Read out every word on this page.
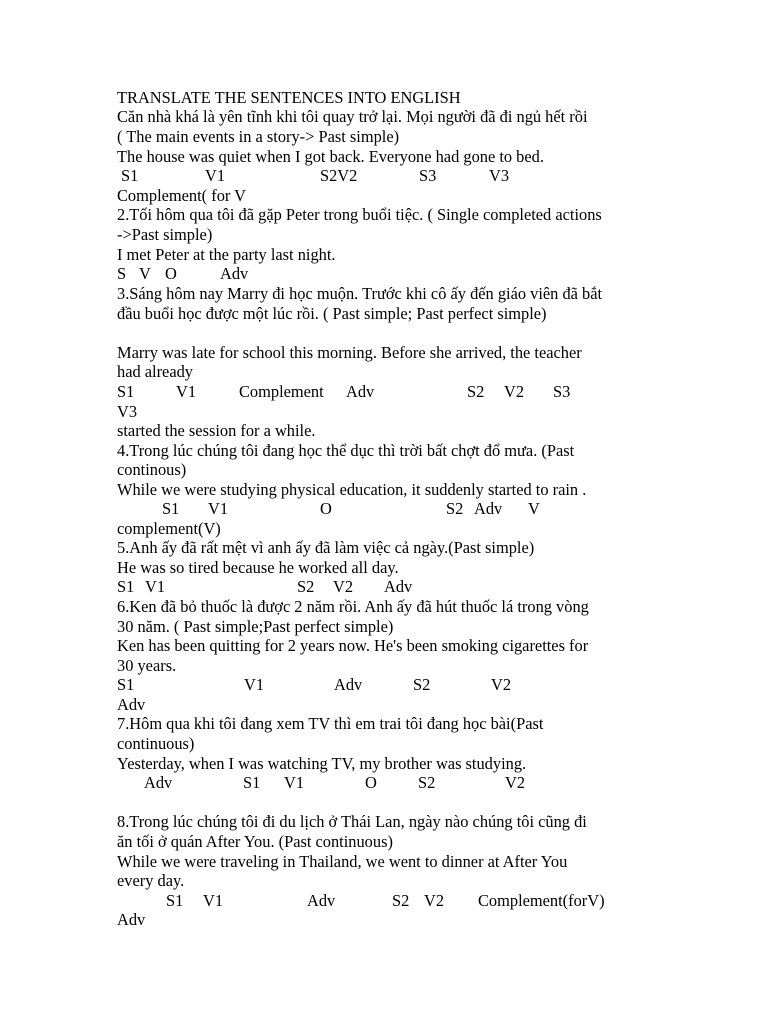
TRANSLATE THE SENTENCES INTO ENGLISH
Căn nhà khá là yên tĩnh khi tôi quay trở lại. Mọi người đã đi ngủ hết rồi
( The main events in a story-> Past simple)
The house was quiet when I got back. Everyone had gone to bed.
S1	V1	S2V2	S3	V3
Complement( for V
2.Tối hôm qua tôi đã gặp Peter trong buổi tiệc. ( Single completed actions
->Past simple)
I met Peter at the party last night.
S V O	Adv
3.Sáng hôm nay Marry đi học muộn. Trước khi cô ấy đến giáo viên đã bắt
đầu buổi học được một lúc rồi. ( Past simple; Past perfect simple)
Marry was late for school this morning. Before she arrived, the teacher
had already
S1	V1	Complement Adv	S2 V2 S3
V3
started the session for a while.
4.Trong lúc chúng tôi đang học thể dục thì trời bất chợt đổ mưa. (Past
continous)
While we were studying physical education, it suddenly started to rain .
S1 V1	O	S2 Adv V
complement(V)
5.Anh ấy đã rất mệt vì anh ấy đã làm việc cả ngày.(Past simple)
He was so tired because he worked all day.
S1 V1	S2 V2 Adv
6.Ken đã bỏ thuốc là được 2 năm rồi. Anh ấy đã hút thuốc lá trong vòng
30 năm. ( Past simple;Past perfect simple)
Ken has been quitting for 2 years now. He's been smoking cigarettes for
30 years.
S1	V1	Adv	S2	V2
Adv
7.Hôm qua khi tôi đang xem TV thì em trai tôi đang học bài(Past
continuous)
Yesterday, when I was watching TV, my brother was studying.
Adv	S1 V1	O	S2	V2
8.Trong lúc chúng tôi đi du lịch ở Thái Lan, ngày nào chúng tôi cũng đi
ăn tối ở quán After You. (Past continuous)
While we were traveling in Thailand, we went to dinner at After You
every day.
S1 V1	Adv	S2 V2 Complement(forV)
Adv
